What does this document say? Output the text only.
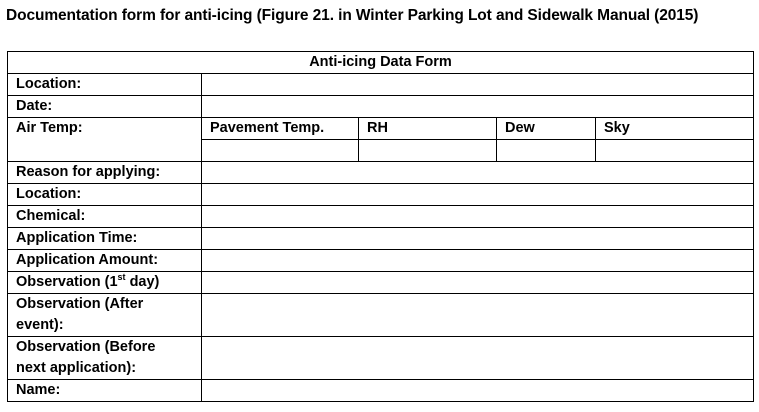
Documentation form for anti-icing (Figure 21. in Winter Parking Lot and Sidewalk Manual (2015)
Anti-icing Data Form				
Location:				
Date:				
Air Temp:	Pavement Temp.	RH	Dew	Sky

Reason for applying:				
Location:				
Chemical:				
Application Time:				
Application Amount:				
Observation (1st day)				
Observation (After event):				
Observation (Before next application):				
Name:				
